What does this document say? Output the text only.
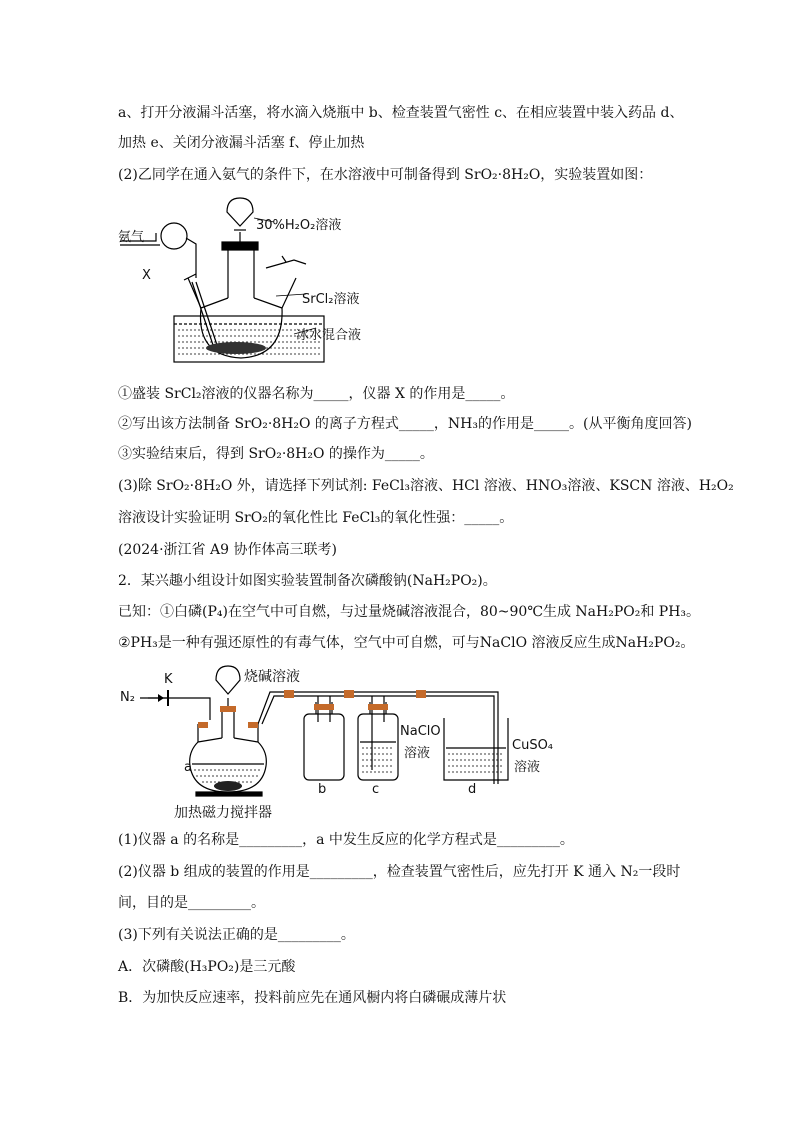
a、打开分液漏斗活塞，将水滴入烧瓶中 b、检查装置气密性 c、在相应装置中装入药品 d、
加热 e、关闭分液漏斗活塞 f、停止加热
(2)乙同学在通入氨气的条件下，在水溶液中可制备得到 SrO₂·8H₂O，实验装置如图：
氨气
X
30%H₂O₂溶液
SrCl₂溶液
冰水混合液
①盛装 SrCl₂溶液的仪器名称为_____，仪器 X 的作用是_____。
②写出该方法制备 SrO₂·8H₂O 的离子方程式_____，NH₃的作用是_____。(从平衡角度回答)
③实验结束后，得到 SrO₂·8H₂O 的操作为_____。
(3)除 SrO₂·8H₂O 外，请选择下列试剂: FeCl₃溶液、HCl 溶液、HNO₃溶液、KSCN 溶液、H₂O₂
溶液设计实验证明 SrO₂的氧化性比 FeCl₃的氧化性强：_____。
(2024·浙江省 A9 协作体高三联考)
2．某兴趣小组设计如图实验装置制备次磷酸钠(NaH₂PO₂)。
已知：①白磷(P₄)在空气中可自燃，与过量烧碱溶液混合，80~90℃生成 NaH₂PO₂和 PH₃。
②PH₃是一种有强还原性的有毒气体，空气中可自燃，可与NaClO 溶液反应生成NaH₂PO₂。
K
N₂
烧碱溶液
a
b	c	d
NaClO
溶液
CuSO₄
溶液
加热磁力搅拌器
(1)仪器 a 的名称是_________，a 中发生反应的化学方程式是_________。
(2)仪器 b 组成的装置的作用是_________，检查装置气密性后，应先打开 K 通入 N₂一段时
间，目的是_________。
(3)下列有关说法正确的是_________。
A．次磷酸(H₃PO₂)是三元酸
B．为加快反应速率，投料前应先在通风橱内将白磷碾成薄片状
